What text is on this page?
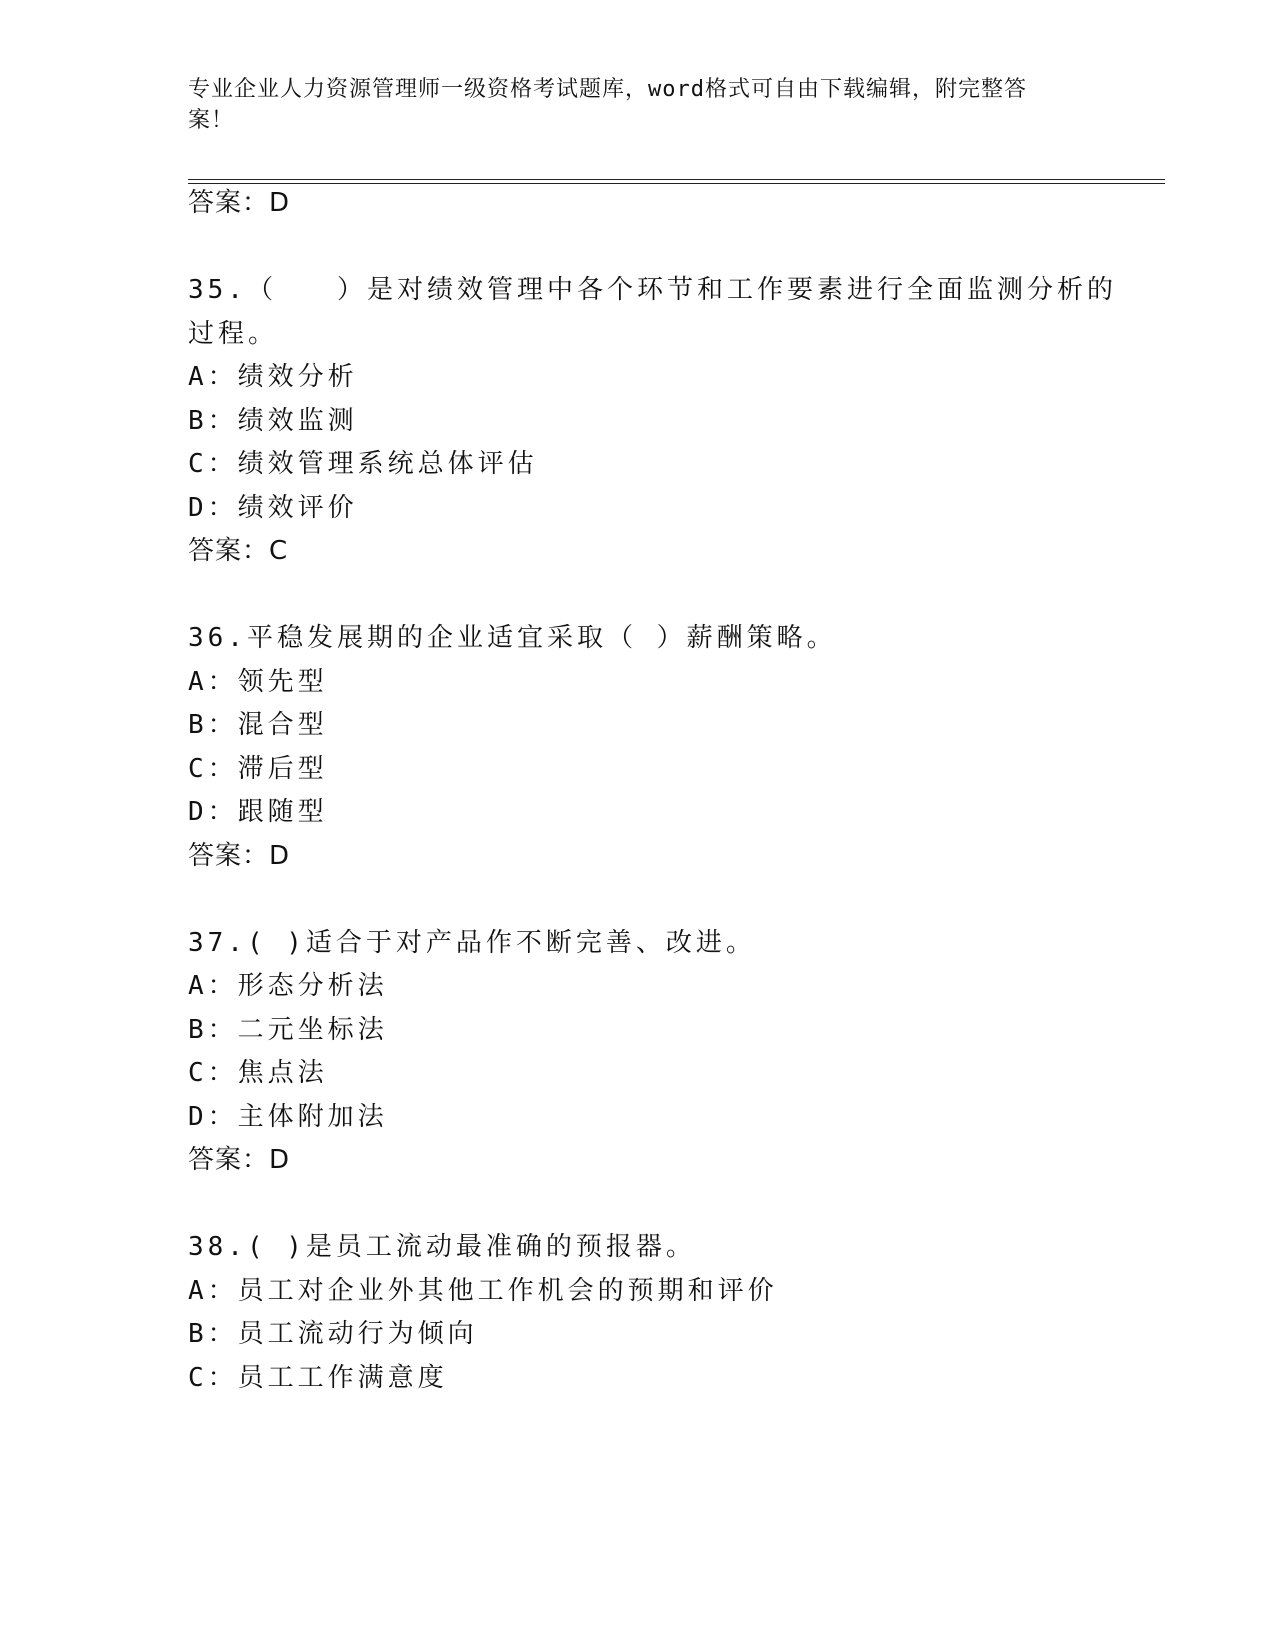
专业企业人力资源管理师一级资格考试题库，word格式可自由下载编辑，附完整答案！
答案：D
35.（　　）是对绩效管理中各个环节和工作要素进行全面监测分析的
过程。
A：绩效分析
B：绩效监测
C：绩效管理系统总体评估
D：绩效评价
答案：C
36.平稳发展期的企业适宜采取（ ）薪酬策略。
A：领先型
B：混合型
C：滞后型
D：跟随型
答案：D
37.( )适合于对产品作不断完善、改进。
A：形态分析法
B：二元坐标法
C：焦点法
D：主体附加法
答案：D
38.( )是员工流动最准确的预报器。
A：员工对企业外其他工作机会的预期和评价
B：员工流动行为倾向
C：员工工作满意度
